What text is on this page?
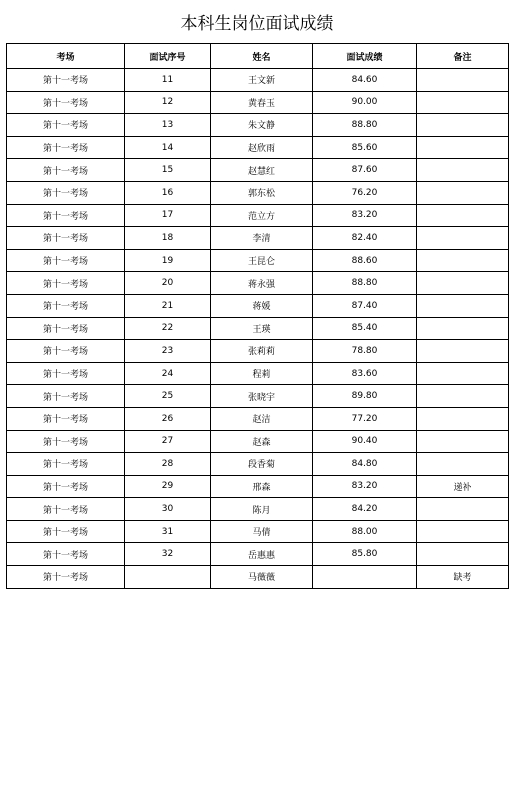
本科生岗位面试成绩
考场	面试序号	姓名	面试成绩	备注
第十一考场	11	王文新	84.60	
第十一考场	12	黄春玉	90.00	
第十一考场	13	朱文静	88.80	
第十一考场	14	赵欣雨	85.60	
第十一考场	15	赵慧红	87.60	
第十一考场	16	郭东松	76.20	
第十一考场	17	范立方	83.20	
第十一考场	18	李清	82.40	
第十一考场	19	王昆仑	88.60	
第十一考场	20	蒋永强	88.80	
第十一考场	21	蒋媛	87.40	
第十一考场	22	王瑛	85.40	
第十一考场	23	张莉莉	78.80	
第十一考场	24	程莉	83.60	
第十一考场	25	张晓宇	89.80	
第十一考场	26	赵洁	77.20	
第十一考场	27	赵森	90.40	
第十一考场	28	段香菊	84.80	
第十一考场	29	邢森	83.20	递补
第十一考场	30	陈月	84.20	
第十一考场	31	马倩	88.00	
第十一考场	32	岳惠惠	85.80	
第十一考场		马薇薇		缺考
